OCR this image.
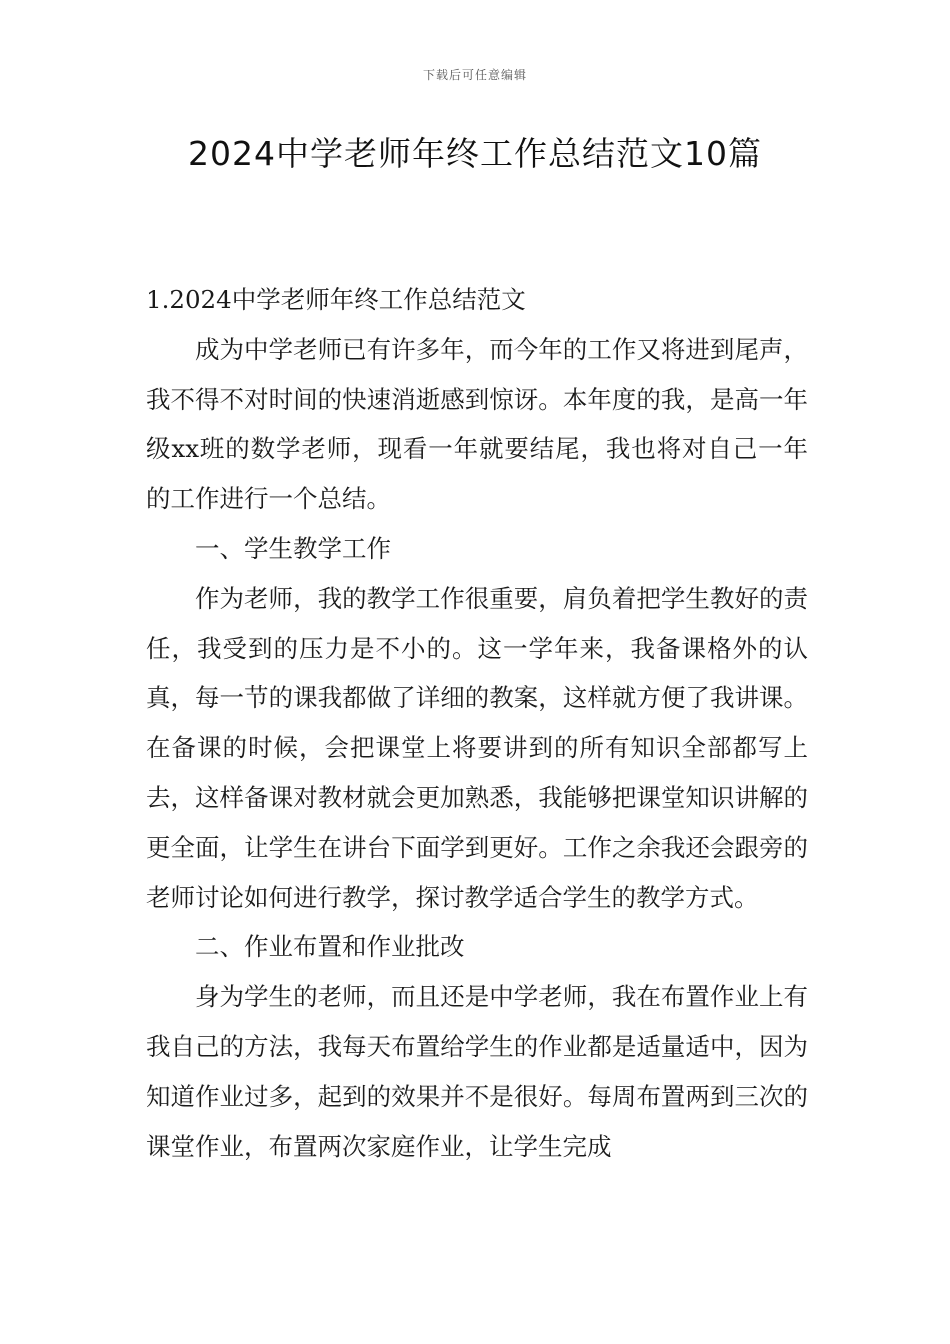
下载后可任意编辑
2024中学老师年终工作总结范文10篇

1.2024中学老师年终工作总结范文

成为中学老师已有许多年，而今年的工作又将进到尾声，我不得不对时间的快速消逝感到惊讶。本年度的我，是高一年级xx班的数学老师，现看一年就要结尾，我也将对自己一年的工作进行一个总结。

一、学生教学工作

作为老师，我的教学工作很重要，肩负着把学生教好的责任，我受到的压力是不小的。这一学年来，我备课格外的认真，每一节的课我都做了详细的教案，这样就方便了我讲课。在备课的时候，会把课堂上将要讲到的所有知识全部都写上去，这样备课对教材就会更加熟悉，我能够把课堂知识讲解的更全面，让学生在讲台下面学到更好。工作之余我还会跟旁的老师讨论如何进行教学，探讨教学适合学生的教学方式。

二、作业布置和作业批改

身为学生的老师，而且还是中学老师，我在布置作业上有我自己的方法，我每天布置给学生的作业都是适量适中，因为知道作业过多，起到的效果并不是很好。每周布置两到三次的课堂作业，布置两次家庭作业，让学生完成
